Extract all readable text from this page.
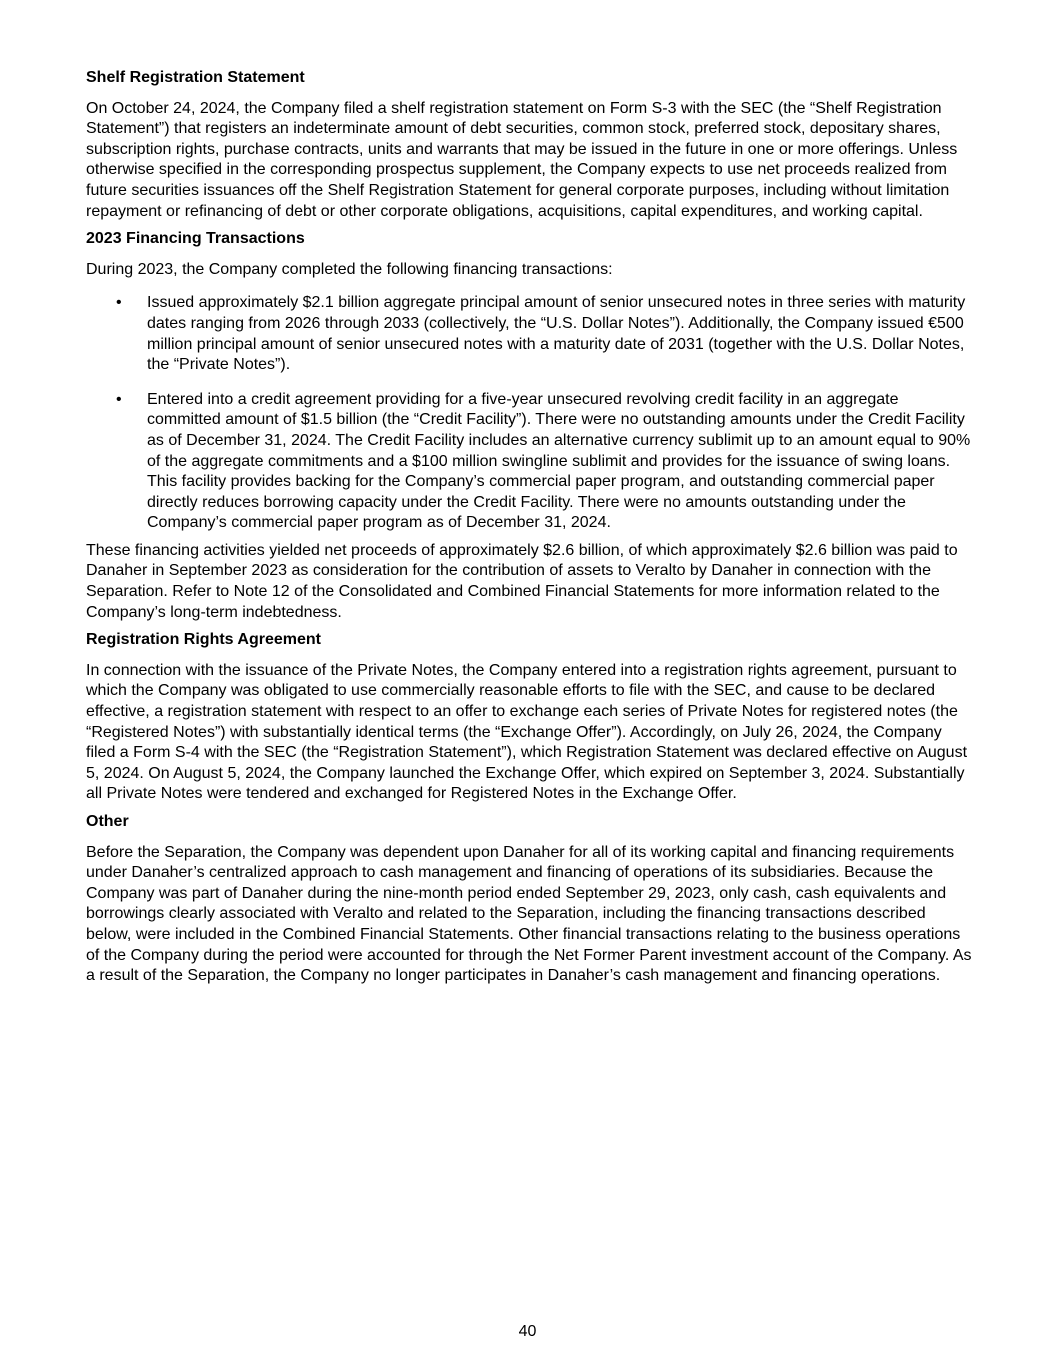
Shelf Registration Statement

On October 24, 2024, the Company filed a shelf registration statement on Form S-3 with the SEC (the “Shelf Registration Statement”) that registers an indeterminate amount of debt securities, common stock, preferred stock, depositary shares, subscription rights, purchase contracts, units and warrants that may be issued in the future in one or more offerings. Unless otherwise specified in the corresponding prospectus supplement, the Company expects to use net proceeds realized from future securities issuances off the Shelf Registration Statement for general corporate purposes, including without limitation repayment or refinancing of debt or other corporate obligations, acquisitions, capital expenditures, and working capital.

2023 Financing Transactions

During 2023, the Company completed the following financing transactions:

• Issued approximately $2.1 billion aggregate principal amount of senior unsecured notes in three series with maturity dates ranging from 2026 through 2033 (collectively, the “U.S. Dollar Notes”). Additionally, the Company issued €500 million principal amount of senior unsecured notes with a maturity date of 2031 (together with the U.S. Dollar Notes, the “Private Notes”).
• Entered into a credit agreement providing for a five-year unsecured revolving credit facility in an aggregate committed amount of $1.5 billion (the “Credit Facility”). There were no outstanding amounts under the Credit Facility as of December 31, 2024. The Credit Facility includes an alternative currency sublimit up to an amount equal to 90% of the aggregate commitments and a $100 million swingline sublimit and provides for the issuance of swing loans. This facility provides backing for the Company’s commercial paper program, and outstanding commercial paper directly reduces borrowing capacity under the Credit Facility. There were no amounts outstanding under the Company’s commercial paper program as of December 31, 2024.

These financing activities yielded net proceeds of approximately $2.6 billion, of which approximately $2.6 billion was paid to Danaher in September 2023 as consideration for the contribution of assets to Veralto by Danaher in connection with the Separation. Refer to Note 12 of the Consolidated and Combined Financial Statements for more information related to the Company’s long-term indebtedness.

Registration Rights Agreement

In connection with the issuance of the Private Notes, the Company entered into a registration rights agreement, pursuant to which the Company was obligated to use commercially reasonable efforts to file with the SEC, and cause to be declared effective, a registration statement with respect to an offer to exchange each series of Private Notes for registered notes (the “Registered Notes”) with substantially identical terms (the “Exchange Offer”). Accordingly, on July 26, 2024, the Company filed a Form S-4 with the SEC (the “Registration Statement”), which Registration Statement was declared effective on August 5, 2024. On August 5, 2024, the Company launched the Exchange Offer, which expired on September 3, 2024. Substantially all Private Notes were tendered and exchanged for Registered Notes in the Exchange Offer.

Other

Before the Separation, the Company was dependent upon Danaher for all of its working capital and financing requirements under Danaher’s centralized approach to cash management and financing of operations of its subsidiaries. Because the Company was part of Danaher during the nine-month period ended September 29, 2023, only cash, cash equivalents and borrowings clearly associated with Veralto and related to the Separation, including the financing transactions described below, were included in the Combined Financial Statements. Other financial transactions relating to the business operations of the Company during the period were accounted for through the Net Former Parent investment account of the Company. As a result of the Separation, the Company no longer participates in Danaher’s cash management and financing operations.

40
